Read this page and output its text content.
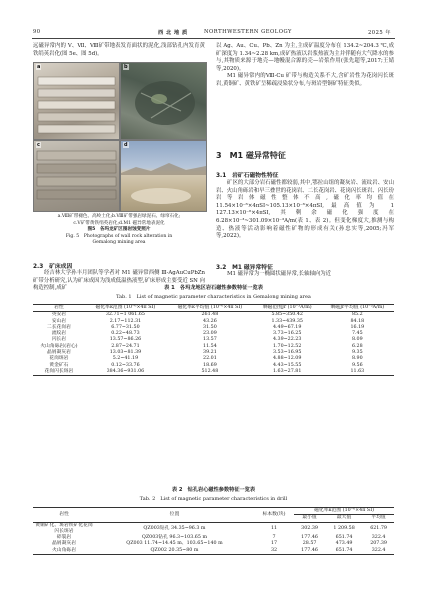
90	西 北 地 质	NORTHWESTERN GEOLOGY	2025 年

远磁异常内的 V、Ⅶ、Ⅷ矿带地表发育面状的泥化,浅部钻孔内发育黄铁绢英岩化(图 5e、图 5d)。

a	b
c	d
a.Ⅷ矿带褪色、高岭土化;b.Ⅷ矿带强岩绿泥石、绿帘石化;
c.Ⅴ矿带黄铁绢英岩化;d.M1 磁异常地表泥化
图5　各玛龙矿区围岩蚀变照片
Fig. 5　Photographs of wall rock alteration in
Gemalong mining area
2.3　矿床成因

经吉林大学孙丰月团队等学者对 M1 磁异常西侧 Ⅲ-AgAuCuPbZn 矿带分析研究,认为矿床成因为浅成低温热液型,矿床形成主要受近 SN 向构造控制,成矿

以 Ag、Au、Cu、Pb、Zn 为主,主成矿温度分布在 134.2~204.3 ℃,成矿深度为 1.34~2.28 km,成矿热液以岩浆热液为主并伴随有大气降水的参与,其物质来源于地壳—地幔混合源的壳—岩浆作用(张先超等,2017;王婧等,2020)。

M1 磁异常内的Ⅷ-Cu 矿带与构造关系不大,含矿岩性为花岗闪长斑岩,黄铜矿、黄铁矿呈稀疏浸染状分布,与斑岩型铜矿特征类似。

3　M1 磁异常特征
3.1　岩矿石磁物性特征

矿区的大部分岩石磁性都较弱,其中,鄂拉山组的凝灰岩、流纹岩、安山岩、火山角砾岩和早三叠世的花岗岩、二长花岗岩、花岗闪长斑岩、闪长玢岩等岩体磁性整体不高,磁化率均值在 11.54×10⁻⁶×4πSI~105.13×10⁻⁶×4πSI,最高值为 1 127.13×10⁻⁶×4πSI,其剩余磁化强度在 6.28×10⁻³~301.09×10⁻³A/m(表 1、表 2)。但变化梯度大,推测与构造、热液等活动影响着磁性矿物的形成有关(孙忠实等,2005;冯军等,2022)。

3.2　M1 磁异常特征

M1 磁异常为一椭圆状磁异常,长轴轴向为近

表 1　各玛龙地区岩石磁性参数特征一览表
Tab. 1　List of magnetic parameter characteristics in Gemalong mining area
岩性	磁化率κ范围 (10⁻⁶×4π SI)	磁化率κ平均值 (10⁻⁶×4π SI)	剩磁范围Jr (10⁻³A/m)	剩磁Jr平均值 (10⁻³A/m)
英安岩	32.71~1 061.65	261.48	5.85~350.42	85.2
安山岩	2.17~112.31	43.26	1.33~439.35	84.18
二长花岗岩	6.77~31.50	31.50	4.49~67.19	16.19
流纹岩	0.22~48.73	23.09	3.73~16.25	7.45
闪长岩	13.57~86.26	13.57	4.39~22.23	8.09
火山角砾岩(岩心)	2.87~24.71	11.54	1.70~12.52	6.28
晶屑凝灰岩	13.03~81.39	39.21	3.53~16.95	9.35
花岗斑岩	5.2~41.19	22.01	4.88~12.09	8.90
黄金矿石	0.12~33.76	18.69	4.43~15.55	9.56
花岗闪长斑岩	384.36~931.06	512.48	1.63~27.81	11.63
表 2　钻孔岩心磁性参数特征一览表
Tab. 2　List of magnetic parameter characteristics in drill
岩性	位置	标本数(块)	磁化率κ范围 (10⁻⁶×4π SI)		
			最小值	最大值	平均值
黄铜矿化、斑岩铁矿化花岗闪长斑岩	QZ003钻孔 34.35~96.3 m	11	302.39	1 209.58	621.79
碎裂岩	QZ003钻孔 96.3~103.65 m	7	177.46	651.74	322.4
晶屑凝灰岩	QZ003 11.74~14.45 m、103.65~140 m	17	28.57	473.49	207.39
火山角砾岩	QZ002 20.35~80 m	32	177.46	651.74	322.4
